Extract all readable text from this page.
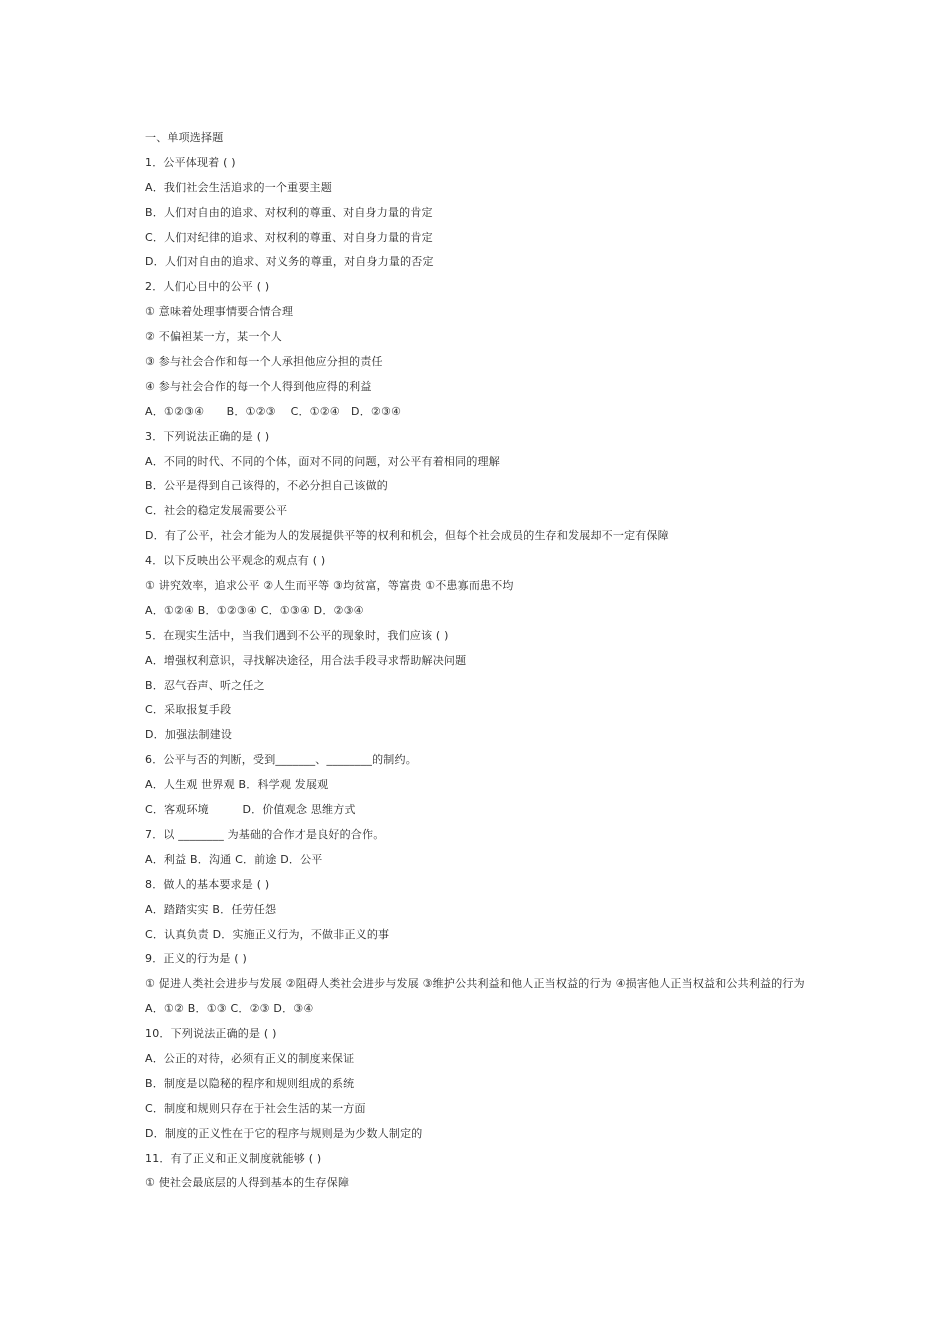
一、单项选择题
1．公平体现着 ( )
A．我们社会生活追求的一个重要主题
B．人们对自由的追求、对权利的尊重、对自身力量的肯定
C．人们对纪律的追求、对权利的尊重、对自身力量的肯定
D．人们对自由的追求、对义务的尊重，对自身力量的否定
2．人们心目中的公平 ( )
① 意味着处理事情要合情合理
② 不偏袒某一方，某一个人
③ 参与社会合作和每一个人承担他应分担的责任
④ 参与社会合作的每一个人得到他应得的利益
A．①②③④　　B．①②③　 C．①②④　D．②③④
3．下列说法正确的是 ( )
A．不同的时代、不同的个体，面对不同的问题，对公平有着相同的理解
B．公平是得到自己该得的，不必分担自己该做的
C．社会的稳定发展需要公平
D．有了公平，社会才能为人的发展提供平等的权利和机会，但每个社会成员的生存和发展却不一定有保障
4．以下反映出公平观念的观点有 ( )
① 讲究效率，追求公平 ②人生而平等 ③均贫富，等富贵 ①不患寡而患不均
A．①②④ B．①②③④ C．①③④ D．②③④
5．在现实生活中，当我们遇到不公平的现象时，我们应该 ( )
A．增强权利意识，寻找解决途径，用合法手段寻求帮助解决问题
B．忍气吞声、听之任之
C．采取报复手段
D．加强法制建设
6．公平与否的判断，受到_______、________的制约。
A．人生观 世界观 B．科学观 发展观
C．客观环境　　　D．价值观念 思维方式
7．以 ________ 为基础的合作才是良好的合作。
A．利益 B．沟通 C．前途 D．公平
8．做人的基本要求是 ( )
A．踏踏实实 B．任劳任怨
C．认真负责 D．实施正义行为，不做非正义的事
9．正义的行为是 ( )
① 促进人类社会进步与发展 ②阻碍人类社会进步与发展 ③维护公共利益和他人正当权益的行为 ④损害他人正当权益和公共利益的行为
A．①② B．①③ C．②③ D．③④
10．下列说法正确的是 ( )
A．公正的对待，必须有正义的制度来保证
B．制度是以隐秘的程序和规则组成的系统
C．制度和规则只存在于社会生活的某一方面
D．制度的正义性在于它的程序与规则是为少数人制定的
11．有了正义和正义制度就能够 ( )
① 使社会最底层的人得到基本的生存保障
